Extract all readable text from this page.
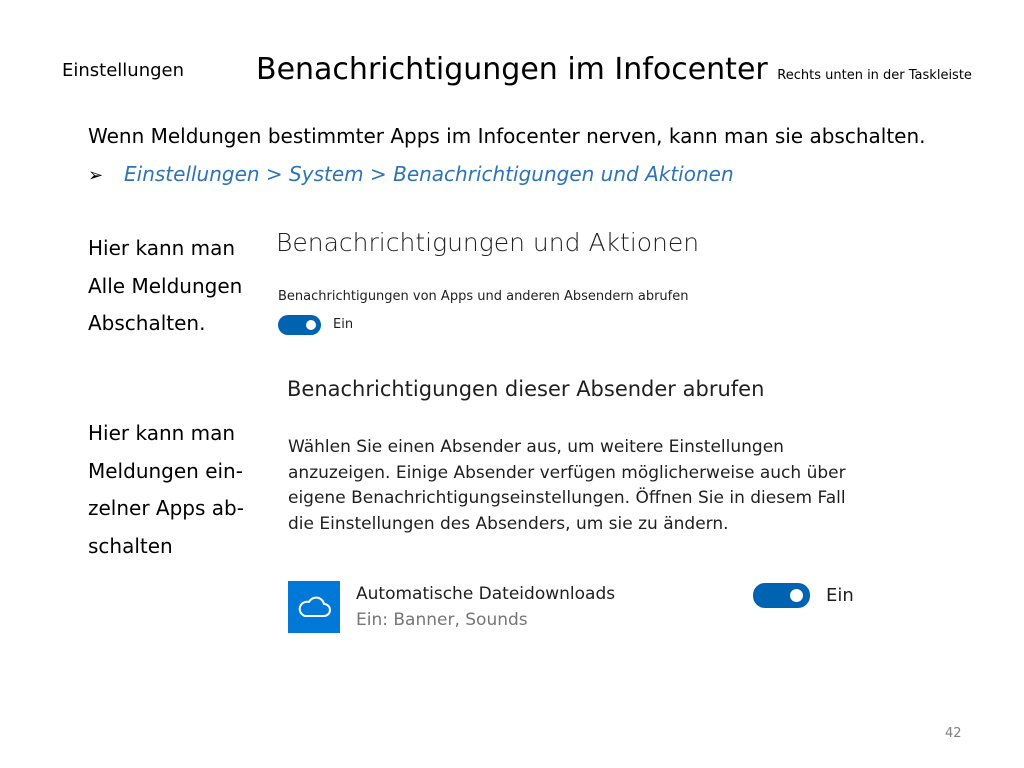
Einstellungen Benachrichtigungen im Infocenter Rechts unten in der Taskleiste
Wenn Meldungen bestimmter Apps im Infocenter nerven, kann man sie abschalten.
➢ Einstellungen > System > Benachrichtigungen und Aktionen
Hier kann man
Alle Meldungen
Abschalten.
Hier kann man
Meldungen ein-
zelner Apps ab-
schalten
Benachrichtigungen und Aktionen
Benachrichtigungen von Apps und anderen Absendern abrufen
Ein
Benachrichtigungen dieser Absender abrufen
Wählen Sie einen Absender aus, um weitere Einstellungen
anzuzeigen. Einige Absender verfügen möglicherweise auch über
eigene Benachrichtigungseinstellungen. Öffnen Sie in diesem Fall
die Einstellungen des Absenders, um sie zu ändern.
Automatische Dateidownloads
Ein: Banner, Sounds
Ein
42
